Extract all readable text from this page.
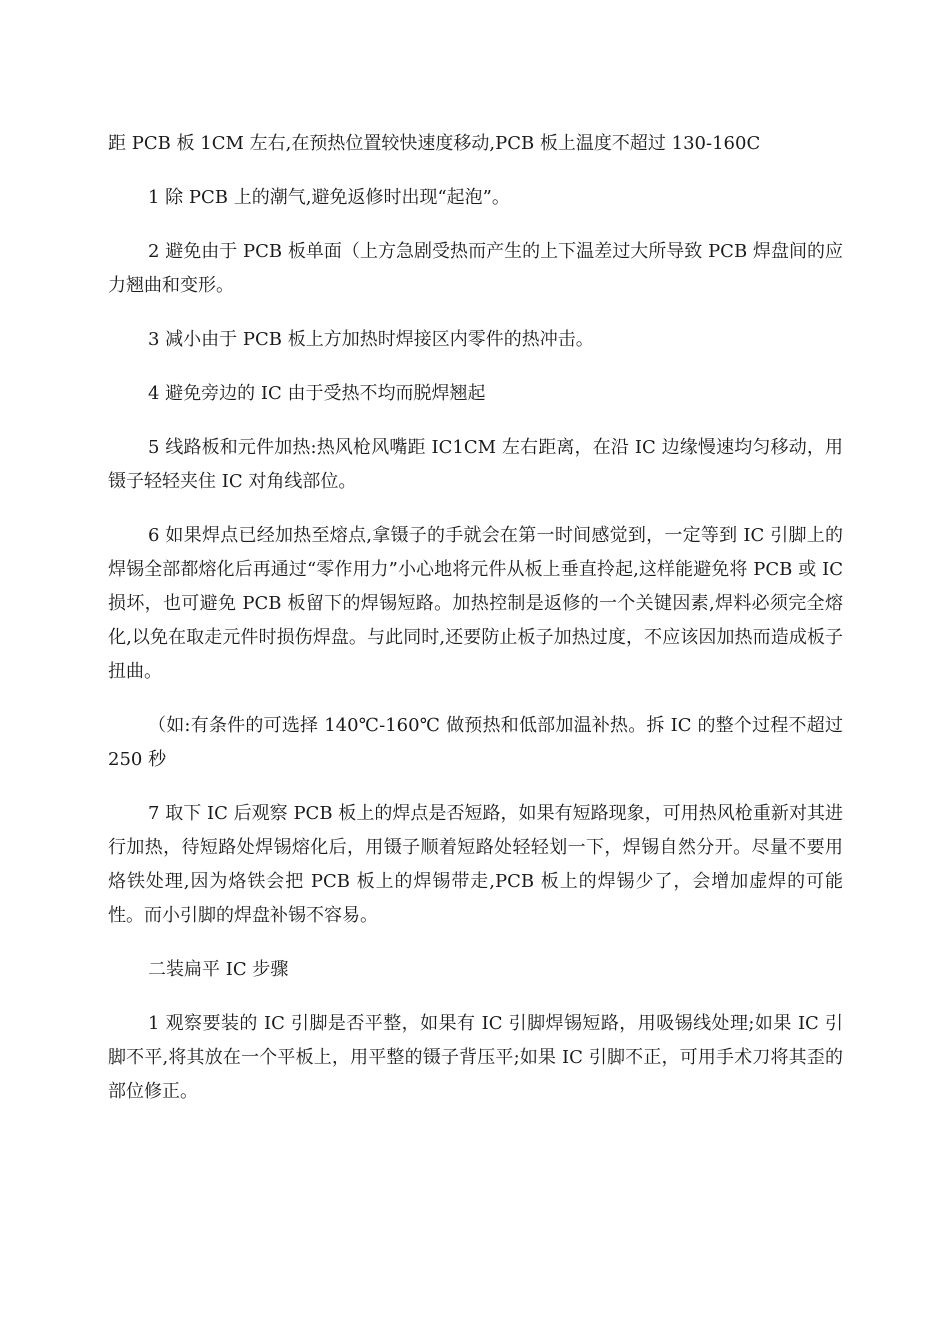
距 PCB 板 1CM 左右,在预热位置较快速度移动,PCB 板上温度不超过 130-160C

1 除 PCB 上的潮气,避免返修时出现“起泡”。

2 避免由于 PCB 板单面（上方急剧受热而产生的上下温差过大所导致 PCB 焊盘间的应力翘曲和变形。

3 减小由于 PCB 板上方加热时焊接区内零件的热冲击。

4 避免旁边的 IC 由于受热不均而脱焊翘起

5 线路板和元件加热:热风枪风嘴距 IC1CM 左右距离，在沿 IC 边缘慢速均匀移动，用镊子轻轻夹住 IC 对角线部位。

6 如果焊点已经加热至熔点,拿镊子的手就会在第一时间感觉到，一定等到 IC 引脚上的焊锡全部都熔化后再通过“零作用力”小心地将元件从板上垂直拎起,这样能避免将 PCB 或 IC 损坏，也可避免 PCB 板留下的焊锡短路。加热控制是返修的一个关键因素,焊料必须完全熔化,以免在取走元件时损伤焊盘。与此同时,还要防止板子加热过度，不应该因加热而造成板子扭曲。

（如:有条件的可选择 140℃-160℃ 做预热和低部加温补热。拆 IC 的整个过程不超过 250 秒

7 取下 IC 后观察 PCB 板上的焊点是否短路，如果有短路现象，可用热风枪重新对其进行加热，待短路处焊锡熔化后，用镊子顺着短路处轻轻划一下，焊锡自然分开。尽量不要用烙铁处理,因为烙铁会把 PCB 板上的焊锡带走,PCB 板上的焊锡少了，会增加虚焊的可能性。而小引脚的焊盘补锡不容易。

二装扁平 IC 步骤

1 观察要装的 IC 引脚是否平整，如果有 IC 引脚焊锡短路，用吸锡线处理;如果 IC 引脚不平,将其放在一个平板上，用平整的镊子背压平;如果 IC 引脚不正，可用手术刀将其歪的部位修正。
